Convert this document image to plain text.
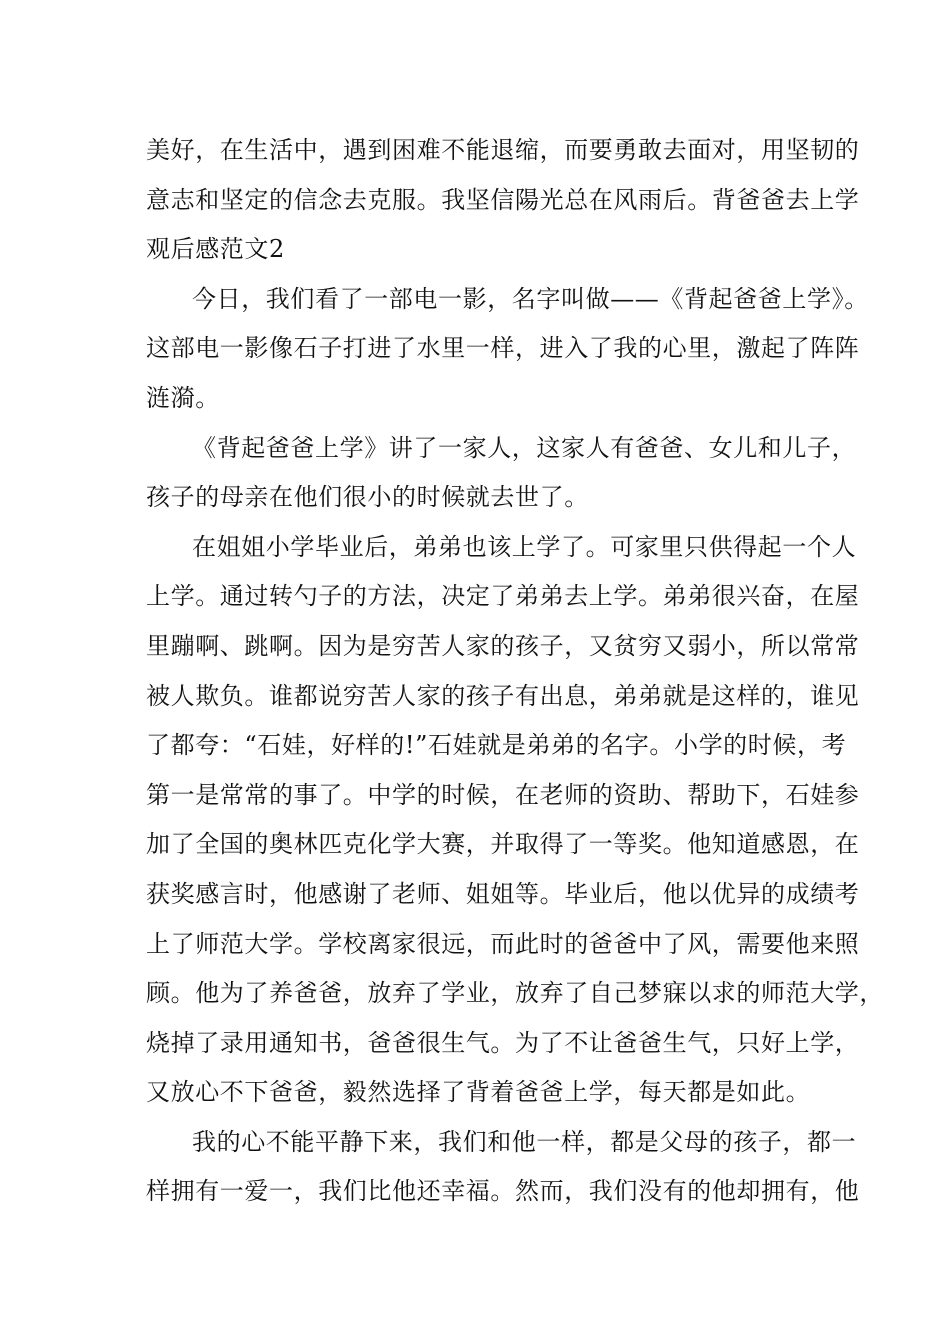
美好，在生活中，遇到困难不能退缩，而要勇敢去面对，用坚韧的
意志和坚定的信念去克服。我坚信陽光总在风雨后。背爸爸去上学
观后感范文2
今日，我们看了一部电一影，名字叫做——《背起爸爸上学》。
这部电一影像石子打进了水里一样，进入了我的心里，激起了阵阵
涟漪。
《背起爸爸上学》讲了一家人，这家人有爸爸、女儿和儿子，
孩子的母亲在他们很小的时候就去世了。
在姐姐小学毕业后，弟弟也该上学了。可家里只供得起一个人
上学。通过转勺子的方法，决定了弟弟去上学。弟弟很兴奋，在屋
里蹦啊、跳啊。因为是穷苦人家的孩子，又贫穷又弱小，所以常常
被人欺负。谁都说穷苦人家的孩子有出息，弟弟就是这样的，谁见
了都夸：“石娃，好样的!”石娃就是弟弟的名字。小学的时候，考
第一是常常的事了。中学的时候，在老师的资助、帮助下，石娃参
加了全国的奥林匹克化学大赛，并取得了一等奖。他知道感恩，在
获奖感言时，他感谢了老师、姐姐等。毕业后，他以优异的成绩考
上了师范大学。学校离家很远，而此时的爸爸中了风，需要他来照
顾。他为了养爸爸，放弃了学业，放弃了自己梦寐以求的师范大学，
烧掉了录用通知书，爸爸很生气。为了不让爸爸生气，只好上学，
又放心不下爸爸，毅然选择了背着爸爸上学，每天都是如此。
我的心不能平静下来，我们和他一样，都是父母的孩子，都一
样拥有一爱一，我们比他还幸福。然而，我们没有的他却拥有，他
